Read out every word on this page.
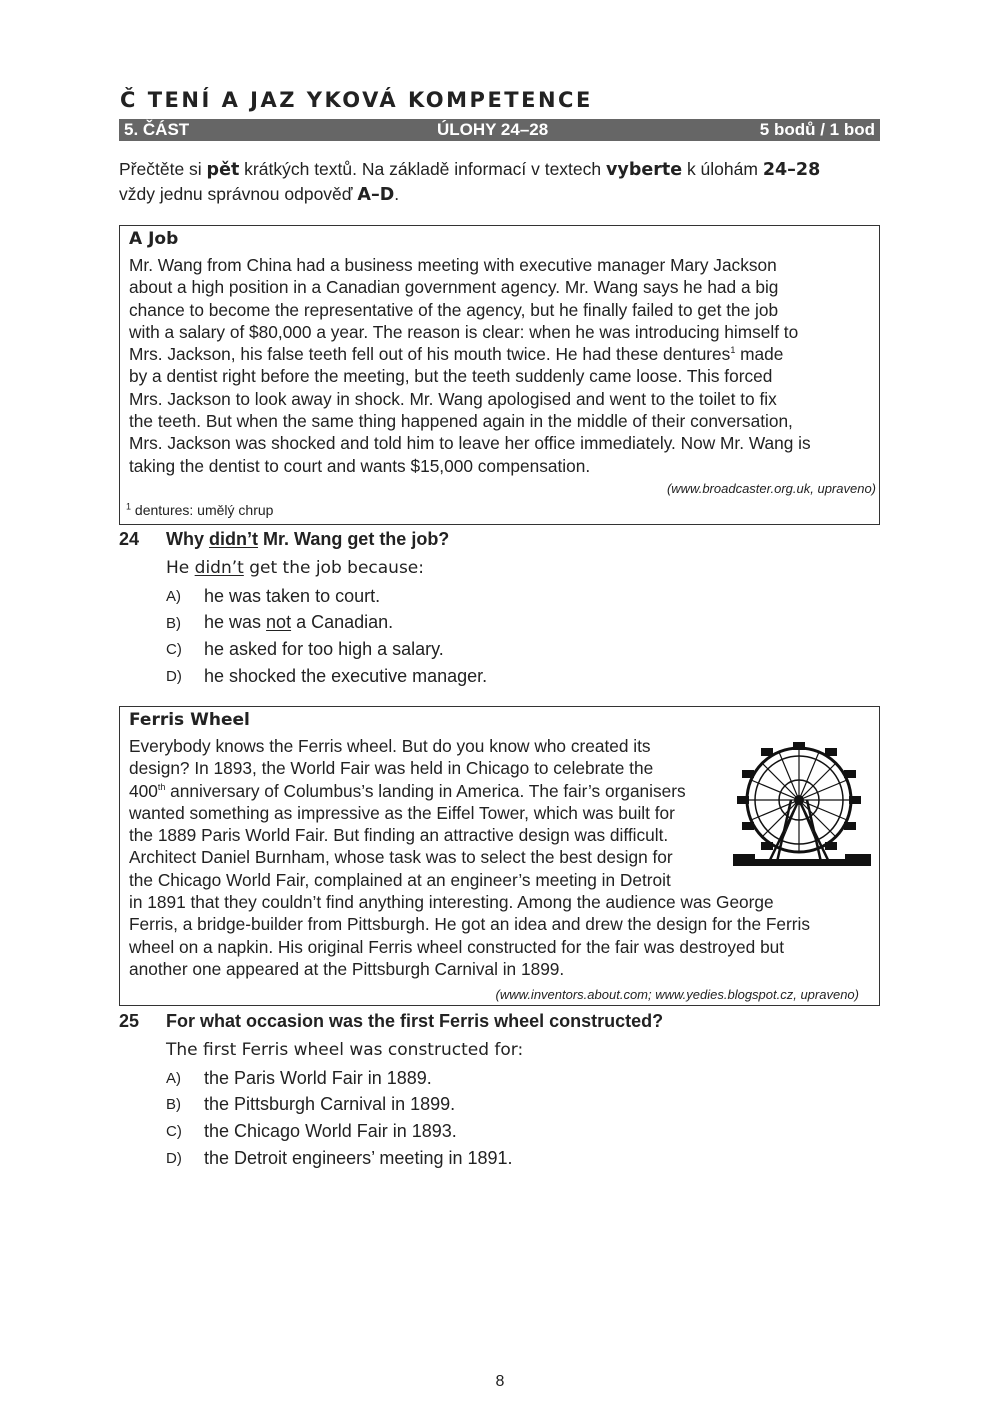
Č TENÍ A JAZ YKOVÁ KOMPETENCE
5. ČÁST	ÚLOHY 24–28	5 bodů / 1 bod
Přečtěte si pět krátkých textů. Na základě informací v textech vyberte k úlohám 24–28
vždy jednu správnou odpověď A–D.
A Job
Mr. Wang from China had a business meeting with executive manager Mary Jackson
about a high position in a Canadian government agency. Mr. Wang says he had a big
chance to become the representative of the agency, but he finally failed to get the job
with a salary of $80,000 a year. The reason is clear: when he was introducing himself to
Mrs. Jackson, his false teeth fell out of his mouth twice. He had these dentures$^1$ made
by a dentist right before the meeting, but the teeth suddenly came loose. This forced
Mrs. Jackson to look away in shock. Mr. Wang apologised and went to the toilet to fix
the teeth. But when the same thing happened again in the middle of their conversation,
Mrs. Jackson was shocked and told him to leave her office immediately. Now Mr. Wang is
taking the dentist to court and wants $15,000 compensation.
(www.broadcaster.org.uk, upraveno)
$^1$ dentures: umělý chrup
24 Why didn’t Mr. Wang get the job?
He didn’t get the job because:
A) he was taken to court.
B) he was not a Canadian.
C) he asked for too high a salary.
D) he shocked the executive manager.
Ferris Wheel
Everybody knows the Ferris wheel. But do you know who created its
design? In 1893, the World Fair was held in Chicago to celebrate the
400th anniversary of Columbus’s landing in America. The fair’s organisers
wanted something as impressive as the Eiffel Tower, which was built for
the 1889 Paris World Fair. But finding an attractive design was difficult.
Architect Daniel Burnham, whose task was to select the best design for
the Chicago World Fair, complained at an engineer’s meeting in Detroit
in 1891 that they couldn’t find anything interesting. Among the audience was George
Ferris, a bridge-builder from Pittsburgh. He got an idea and drew the design for the Ferris
wheel on a napkin. His original Ferris wheel constructed for the fair was destroyed but
another one appeared at the Pittsburgh Carnival in 1899.
(www.inventors.about.com; www.yedies.blogspot.cz, upraveno)
25 For what occasion was the first Ferris wheel constructed?
The first Ferris wheel was constructed for:
A) the Paris World Fair in 1889.
B) the Pittsburgh Carnival in 1899.
C) the Chicago World Fair in 1893.
D) the Detroit engineers’ meeting in 1891.
8
